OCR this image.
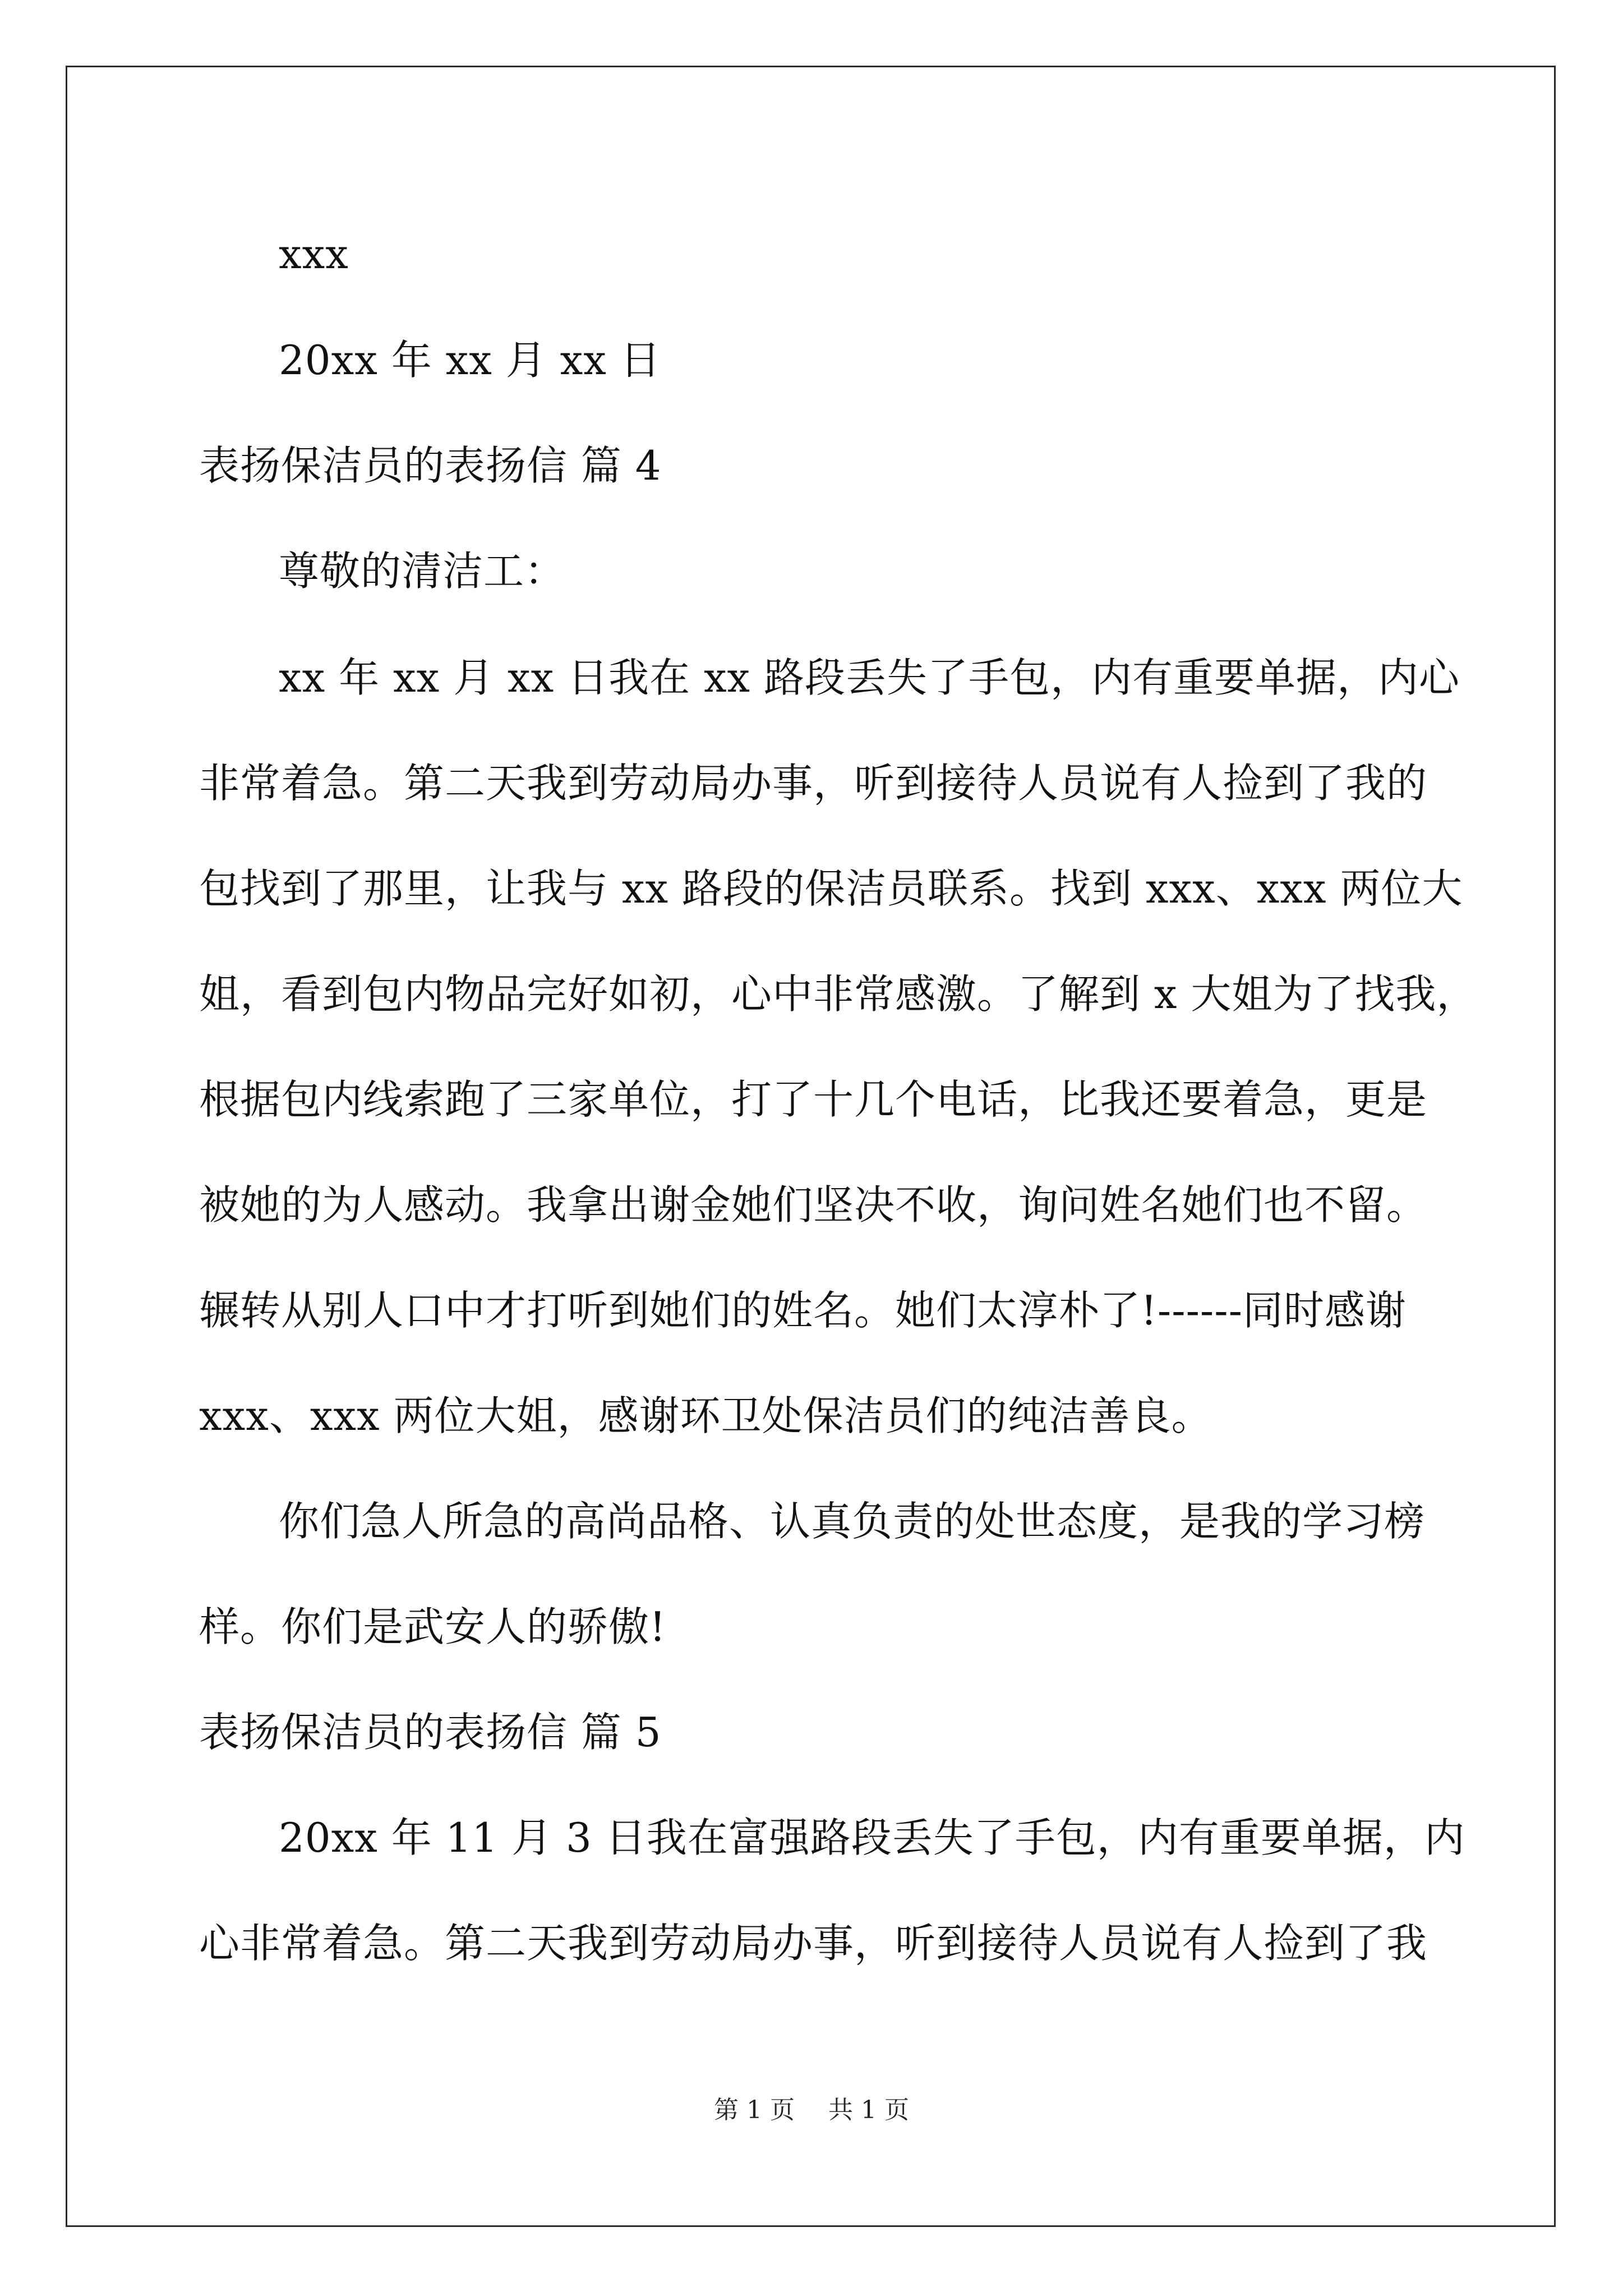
xxx
20xx 年 xx 月 xx 日
表扬保洁员的表扬信 篇 4
尊敬的清洁工：
xx 年 xx 月 xx 日我在 xx 路段丢失了手包，内有重要单据，内心
非常着急。第二天我到劳动局办事，听到接待人员说有人捡到了我的
包找到了那里，让我与 xx 路段的保洁员联系。找到 xxx、xxx 两位大
姐，看到包内物品完好如初，心中非常感激。了解到 x 大姐为了找我，
根据包内线索跑了三家单位，打了十几个电话，比我还要着急，更是
被她的为人感动。我拿出谢金她们坚决不收，询问姓名她们也不留。
辗转从别人口中才打听到她们的姓名。她们太淳朴了!------同时感谢
xxx、xxx 两位大姐，感谢环卫处保洁员们的纯洁善良。
你们急人所急的高尚品格、认真负责的处世态度，是我的学习榜
样。你们是武安人的骄傲!
表扬保洁员的表扬信 篇 5
20xx 年 11 月 3 日我在富强路段丢失了手包，内有重要单据，内
心非常着急。第二天我到劳动局办事，听到接待人员说有人捡到了我
第 1 页 共 1 页
